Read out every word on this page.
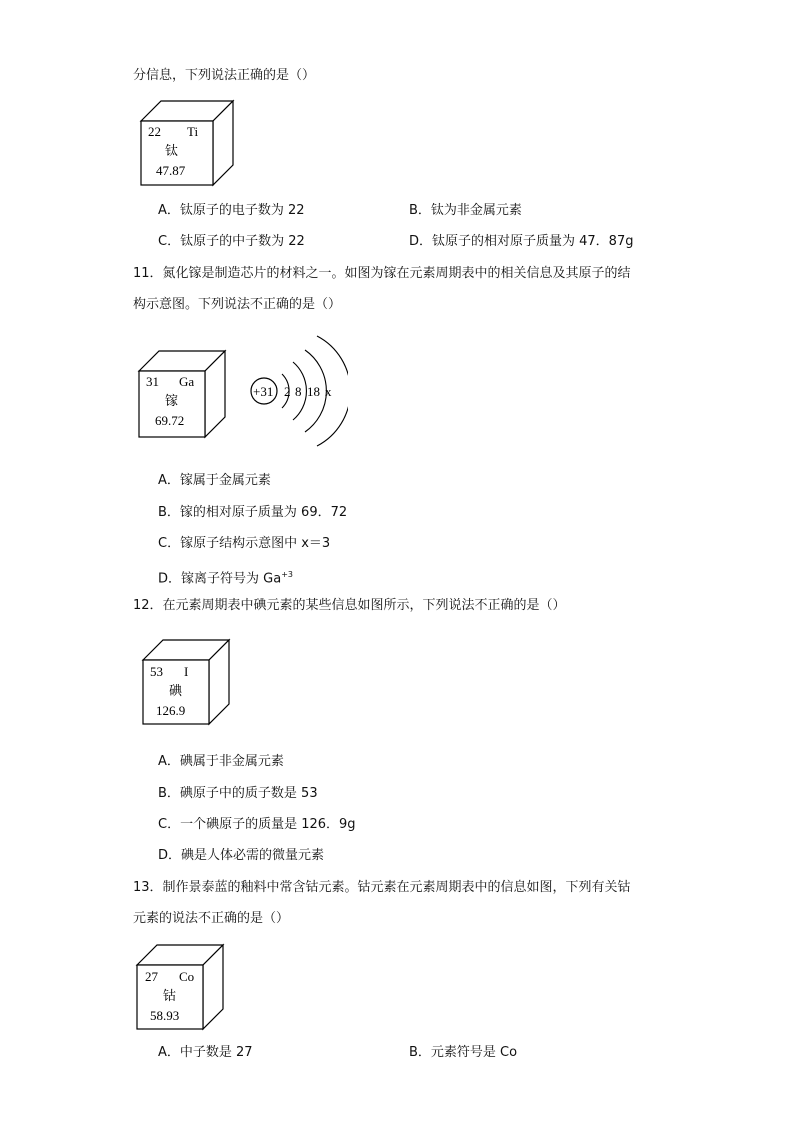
分信息，下列说法正确的是（）
22 Ti
钛
47.87
A．钛原子的电子数为 22	B．钛为非金属元素
C．钛原子的中子数为 22	D．钛原子的相对原子质量为 47．87g
11．氮化镓是制造芯片的材料之一。如图为镓在元素周期表中的相关信息及其原子的结
构示意图。下列说法不正确的是（）
31 Ga
镓
69.72
+31 2 8 18 x
A．镓属于金属元素
B．镓的相对原子质量为 69．72
C．镓原子结构示意图中 x＝3
D．镓离子符号为 $Ga^{+3}$
12．在元素周期表中碘元素的某些信息如图所示，下列说法不正确的是（）
53 I
碘
126.9
A．碘属于非金属元素
B．碘原子中的质子数是 53
C．一个碘原子的质量是 126．9g
D．碘是人体必需的微量元素
13．制作景泰蓝的釉料中常含钴元素。钴元素在元素周期表中的信息如图，下列有关钴
元素的说法不正确的是（）
27 Co
钴
58.93
A．中子数是 27	B．元素符号是 Co
